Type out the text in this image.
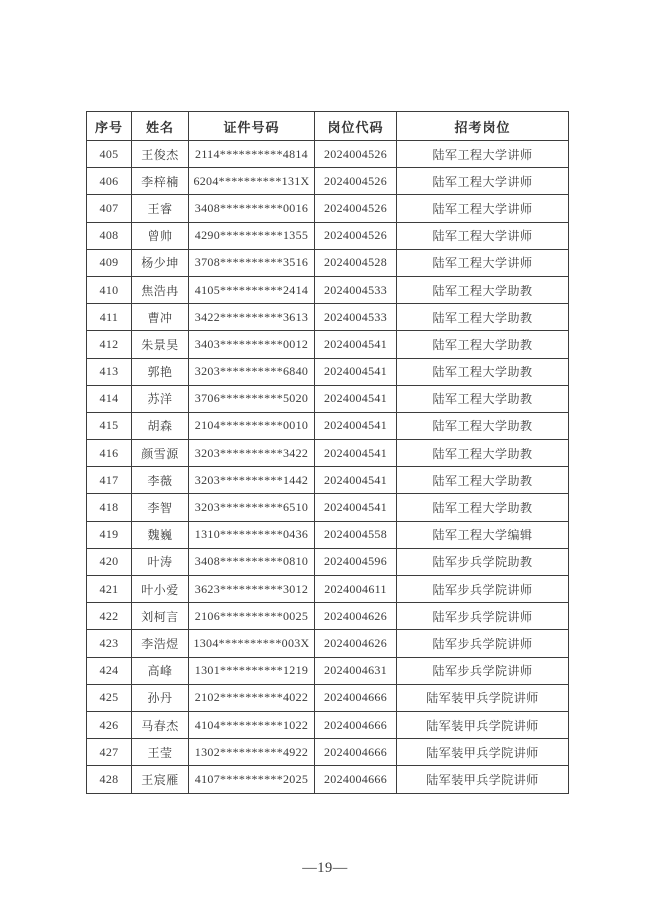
序号	姓名	证件号码	岗位代码	招考岗位
405	王俊杰	2114**********4814	2024004526	陆军工程大学讲师
406	李梓楠	6204**********131X	2024004526	陆军工程大学讲师
407	王睿	3408**********0016	2024004526	陆军工程大学讲师
408	曾帅	4290**********1355	2024004526	陆军工程大学讲师
409	杨少坤	3708**********3516	2024004528	陆军工程大学讲师
410	焦浩冉	4105**********2414	2024004533	陆军工程大学助教
411	曹冲	3422**********3613	2024004533	陆军工程大学助教
412	朱景昊	3403**********0012	2024004541	陆军工程大学助教
413	郭艳	3203**********6840	2024004541	陆军工程大学助教
414	苏洋	3706**********5020	2024004541	陆军工程大学助教
415	胡森	2104**********0010	2024004541	陆军工程大学助教
416	颜雪源	3203**********3422	2024004541	陆军工程大学助教
417	李薇	3203**********1442	2024004541	陆军工程大学助教
418	李智	3203**********6510	2024004541	陆军工程大学助教
419	魏巍	1310**********0436	2024004558	陆军工程大学编辑
420	叶涛	3408**********0810	2024004596	陆军步兵学院助教
421	叶小爱	3623**********3012	2024004611	陆军步兵学院讲师
422	刘柯言	2106**********0025	2024004626	陆军步兵学院讲师
423	李浩煜	1304**********003X	2024004626	陆军步兵学院讲师
424	高峰	1301**********1219	2024004631	陆军步兵学院讲师
425	孙丹	2102**********4022	2024004666	陆军装甲兵学院讲师
426	马春杰	4104**********1022	2024004666	陆军装甲兵学院讲师
427	王莹	1302**********4922	2024004666	陆军装甲兵学院讲师
428	王宸雁	4107**********2025	2024004666	陆军装甲兵学院讲师
—19—
